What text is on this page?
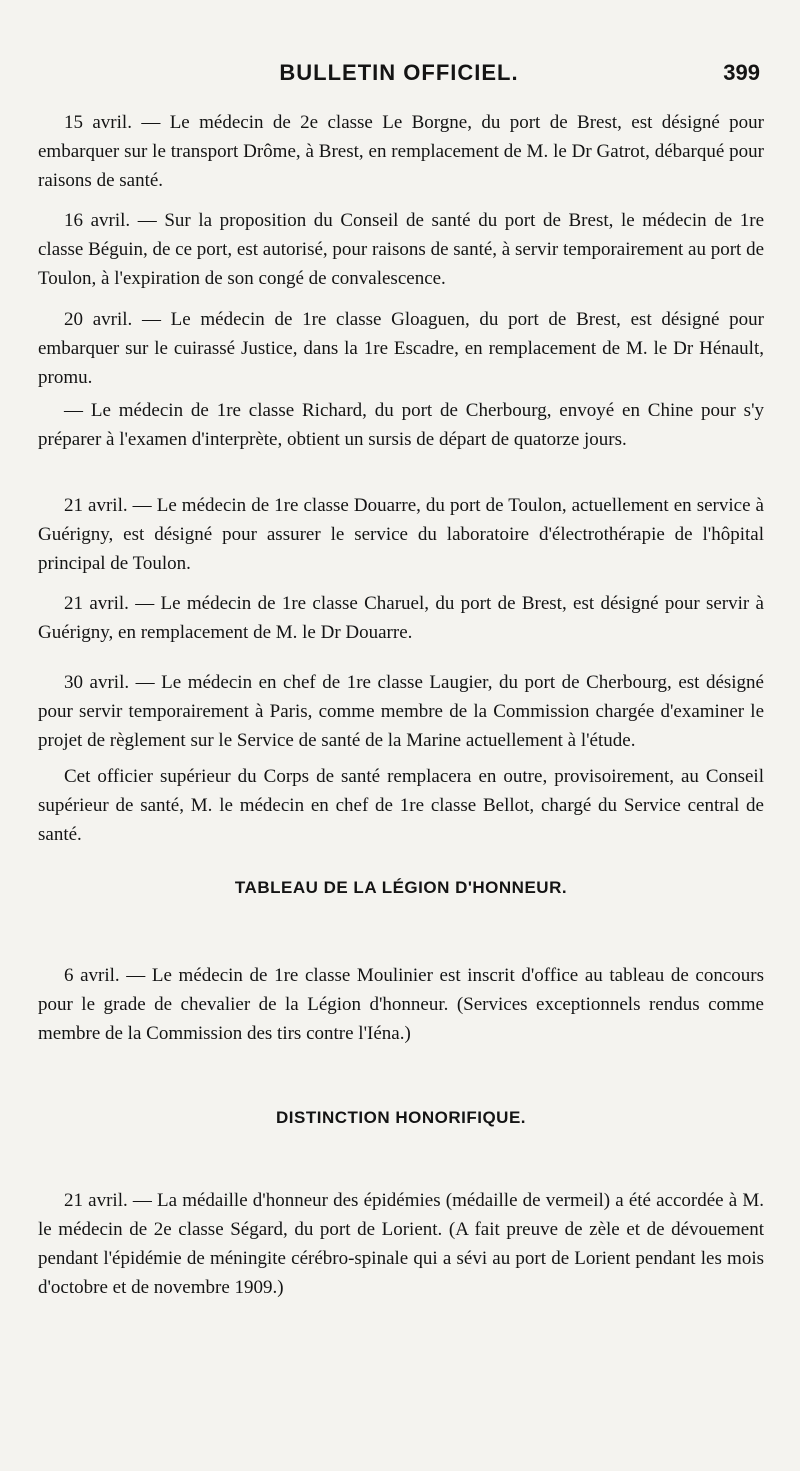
BULLETIN OFFICIEL.	399

15 avril. — Le médecin de 2e classe Le Borgne, du port de Brest, est désigné pour embarquer sur le transport Drôme, à Brest, en remplacement de M. le Dr Gatrot, débarqué pour raisons de santé.

16 avril. — Sur la proposition du Conseil de santé du port de Brest, le médecin de 1re classe Béguin, de ce port, est autorisé, pour raisons de santé, à servir temporairement au port de Toulon, à l'expiration de son congé de convalescence.

20 avril. — Le médecin de 1re classe Gloaguen, du port de Brest, est désigné pour embarquer sur le cuirassé Justice, dans la 1re Escadre, en remplacement de M. le Dr Hénault, promu.

— Le médecin de 1re classe Richard, du port de Cherbourg, envoyé en Chine pour s'y préparer à l'examen d'interprète, obtient un sursis de départ de quatorze jours.

21 avril. — Le médecin de 1re classe Douarre, du port de Toulon, actuellement en service à Guérigny, est désigné pour assurer le service du laboratoire d'électrothérapie de l'hôpital principal de Toulon.

21 avril. — Le médecin de 1re classe Charuel, du port de Brest, est désigné pour servir à Guérigny, en remplacement de M. le Dr Douarre.

30 avril. — Le médecin en chef de 1re classe Laugier, du port de Cherbourg, est désigné pour servir temporairement à Paris, comme membre de la Commission chargée d'examiner le projet de règlement sur le Service de santé de la Marine actuellement à l'étude.

Cet officier supérieur du Corps de santé remplacera en outre, provisoirement, au Conseil supérieur de santé, M. le médecin en chef de 1re classe Bellot, chargé du Service central de santé.

TABLEAU DE LA LÉGION D'HONNEUR.

6 avril. — Le médecin de 1re classe Moulinier est inscrit d'office au tableau de concours pour le grade de chevalier de la Légion d'honneur. (Services exceptionnels rendus comme membre de la Commission des tirs contre l'Iéna.)

DISTINCTION HONORIFIQUE.

21 avril. — La médaille d'honneur des épidémies (médaille de vermeil) a été accordée à M. le médecin de 2e classe Ségard, du port de Lorient. (A fait preuve de zèle et de dévouement pendant l'épidémie de méningite cérébro-spinale qui a sévi au port de Lorient pendant les mois d'octobre et de novembre 1909.)
